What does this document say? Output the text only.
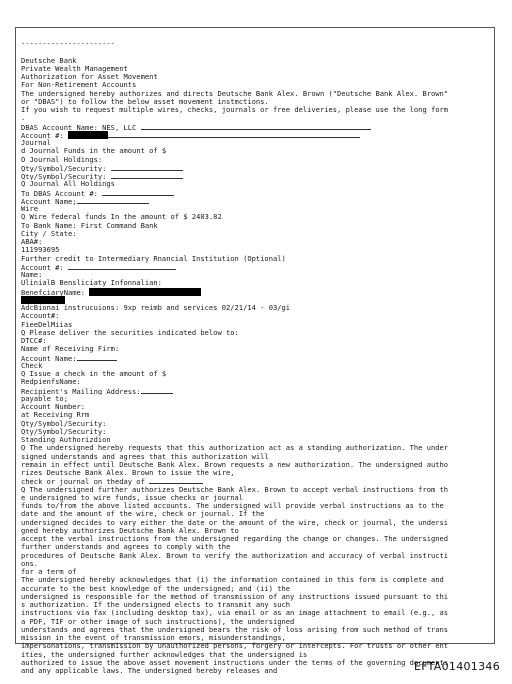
----------------------
Deutsche Bank
Private Wealth Management
Authorization for Asset Movement
For Non-Retirement Accounts
The undersigned hereby authorizes and directs Deutsche Bank Alex. Brown ("Deutsche Bank Alex. Brown"
or "DBAS") to follow the below asset movement instmctions.
If you wish to request multiple wires, checks, journals or free deliveries, please use the long form
.
DBAS Account Name: NES, LLC
Account #:
Journal
d Journal Funds in the amount of $
O Journal Holdings:
Qty/Symbol/Security:
Qty/Symbol/Security:
Q Journal All Holdings
To DBAS Account #:
Account Name;
Wire
Q Wire federal funds In the amount of $ 2403.82
To Bank Name: First Command Bank
City / State:
ABA#:
111993695
Further credit to Intermediary Rnancial Institution (Optional)
Account #:
Name:
UlinialB Bensliciaty Infonnalian:
BenefciaryName:
AdcBionai instrucuions: 9xp reimb and services 02/21/14 - 03/gi
Account#:
FieeDelMiias
Q Please deliver the securities indicated below to:
DTCC#:
Name of Receiving Firm:
Account Name:
Check
Q Issue a check in the amount of $
RedpienfsName:
Recipient's Mailing Address:
payable to;
Account Number:
at Receiving Rrm
Qty/Symbol/Security:
Qty/Symbol/Security:
Standing Authorizdion
Q The undersigned hereby requests that this authorization act as a standing authorization. The under
signed understands and agrees that this authorization will
remain in effect until Deutsche Bank Alex. Brown requests a new authorization. The undersigned autho
rizes Deutsche Bank Alex. Brown to issue the wire,
check or journal on theday of
Q The undersigned further authorizes Deutsche Bank Alex. Brown to accept verbal instructions from th
e undersigned to wire funds, issue checks or journal
funds to/from the above listed accounts. The undersigned will provide verbal instructions as to the
date and the amount of the wire, check or journal. If the
undersigned decides to vary either the date or the amount of the wire, check or journal, the undersi
gned hereby authorizes Deutsche Bank Alex. Brown to
accept the verbal instructions from the undersigned regarding the change or changes. The undersigned
further understands and agrees to comply with the
procedures of Deutsche Bank Alex. Brown to verify the authorization and accuracy of verbal instructi
ons.
for a term of
The undersigned hereby acknowledges that (i) the information contained in this form is complete and
accurate to the best knowledge of the undersigned; and (ii) the
undersigned is responsible for the method of transmission of any instructions issued pursuant to thi
s authorization. If the undersigned elects to transmit any such
instructions via fax (including desktop tax), via email or as an image attachment to email (e.g., as
a PDF, TIF or other image of such instructions), the undersigned
understands and agrees that the undersigned bears the risk of loss arising from such method of trans
mission in the event of transmission emors, misunderstandings,
impersonations, transmission by unauthorized persons, forgery or intercepts. For trusts or other ent
ities, the undersigned further acknowledges that the undersigned is
authorized to issue the above asset movement instructions under the terms of the governing documents
and any applicable laws. The undersigned hereby releases and	EFTA01401346
